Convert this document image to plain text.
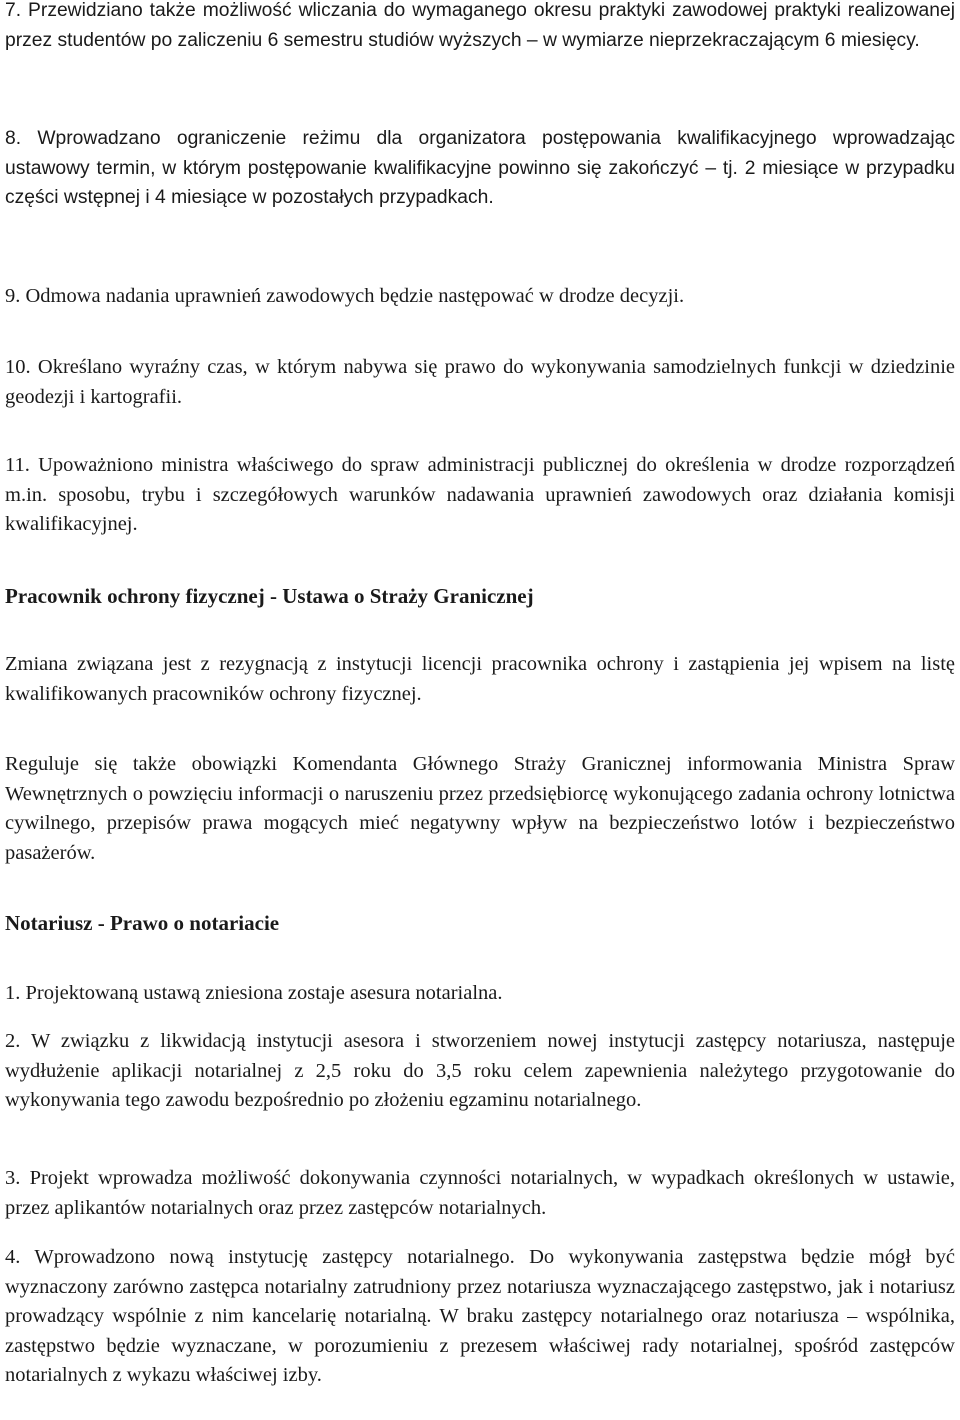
7. Przewidziano także możliwość wliczania do wymaganego okresu praktyki zawodowej praktyki realizowanej przez studentów po zaliczeniu 6 semestru studiów wyższych – w wymiarze nieprzekraczającym 6 miesięcy.

8. Wprowadzano ograniczenie reżimu dla organizatora postępowania kwalifikacyjnego wprowadzając ustawowy termin, w którym postępowanie kwalifikacyjne powinno się zakończyć – tj. 2 miesiące w przypadku części wstępnej i 4 miesiące w pozostałych przypadkach.

9. Odmowa nadania uprawnień zawodowych będzie następować w drodze decyzji.

10. Określano wyraźny czas, w którym nabywa się prawo do wykonywania samodzielnych funkcji w dziedzinie geodezji i kartografii.

11. Upoważniono ministra właściwego do spraw administracji publicznej do określenia w drodze rozporządzeń m.in. sposobu, trybu i szczegółowych warunków nadawania uprawnień zawodowych oraz działania komisji kwalifikacyjnej.

Pracownik ochrony fizycznej - Ustawa o Straży Granicznej

Zmiana związana jest z rezygnacją z instytucji licencji pracownika ochrony i zastąpienia jej wpisem na listę kwalifikowanych pracowników ochrony fizycznej.

Reguluje się także obowiązki Komendanta Głównego Straży Granicznej informowania Ministra Spraw Wewnętrznych o powzięciu informacji o naruszeniu przez przedsiębiorcę wykonującego zadania ochrony lotnictwa cywilnego, przepisów prawa mogących mieć negatywny wpływ na bezpieczeństwo lotów i bezpieczeństwo pasażerów.

Notariusz - Prawo o notariacie

1. Projektowaną ustawą zniesiona zostaje asesura notarialna.

2. W związku z likwidacją instytucji asesora i stworzeniem nowej instytucji zastępcy notariusza, następuje wydłużenie aplikacji notarialnej z 2,5 roku do 3,5 roku celem zapewnienia należytego przygotowanie do wykonywania tego zawodu bezpośrednio po złożeniu egzaminu notarialnego.

3. Projekt wprowadza możliwość dokonywania czynności notarialnych, w wypadkach określonych w ustawie, przez aplikantów notarialnych oraz przez zastępców notarialnych.

4. Wprowadzono nową instytucję zastępcy notarialnego. Do wykonywania zastępstwa będzie mógł być wyznaczony zarówno zastępca notarialny zatrudniony przez notariusza wyznaczającego zastępstwo, jak i notariusz prowadzący wspólnie z nim kancelarię notarialną. W braku zastępcy notarialnego oraz notariusza – wspólnika, zastępstwo będzie wyznaczane, w porozumieniu z prezesem właściwej rady notarialnej, spośród zastępców notarialnych z wykazu właściwej izby.
